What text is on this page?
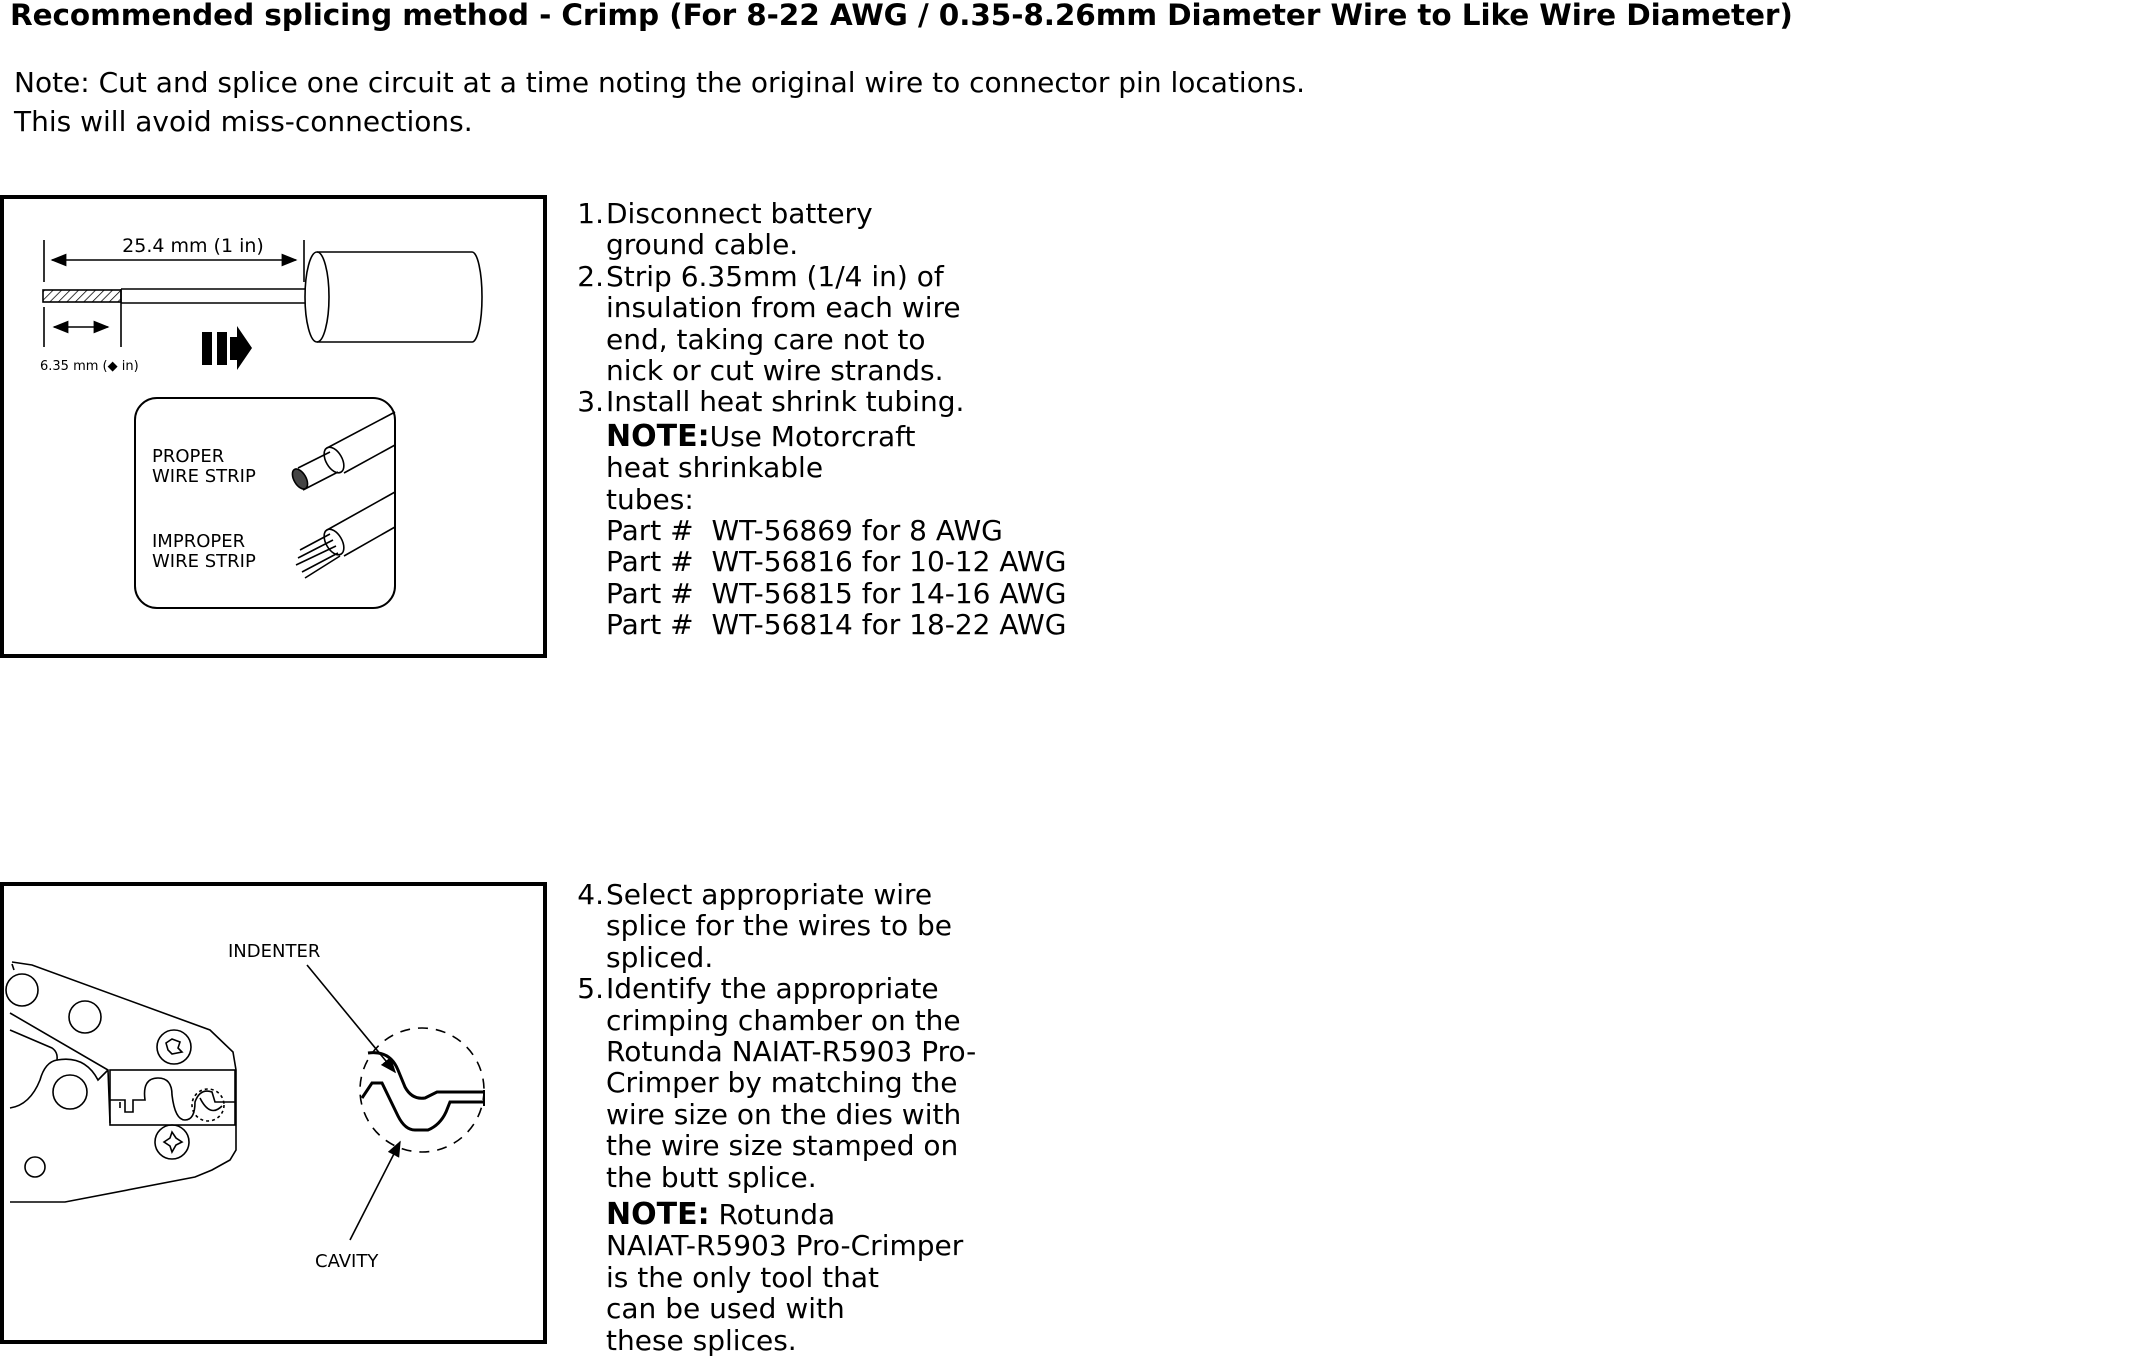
Recommended splicing method - Crimp (For 8-22 AWG / 0.35-8.26mm Diameter Wire to Like Wire Diameter)
Note: Cut and splice one circuit at a time noting the original wire to connector pin locations.
This will avoid miss-connections.
25.4 mm (1 in)
6.35 mm (◆ in)
PROPER
WIRE STRIP
IMPROPER
WIRE STRIP
INDENTER
CAVITY
1. Disconnect battery
ground cable.
2. Strip 6.35mm (1/4 in) of
insulation from each wire
end, taking care not to
nick or cut wire strands.
3. Install heat shrink tubing.
NOTE:Use Motorcraft
heat shrinkable
tubes:
Part #  WT-56869 for 8 AWG
Part #  WT-56816 for 10-12 AWG
Part #  WT-56815 for 14-16 AWG
Part #  WT-56814 for 18-22 AWG
4. Select appropriate wire
splice for the wires to be
spliced.
5. Identify the appropriate
crimping chamber on the
Rotunda NAIAT-R5903 Pro-
Crimper by matching the
wire size on the dies with
the wire size stamped on
the butt splice.
NOTE: Rotunda
NAIAT-R5903 Pro-Crimper
is the only tool that
can be used with
these splices.
